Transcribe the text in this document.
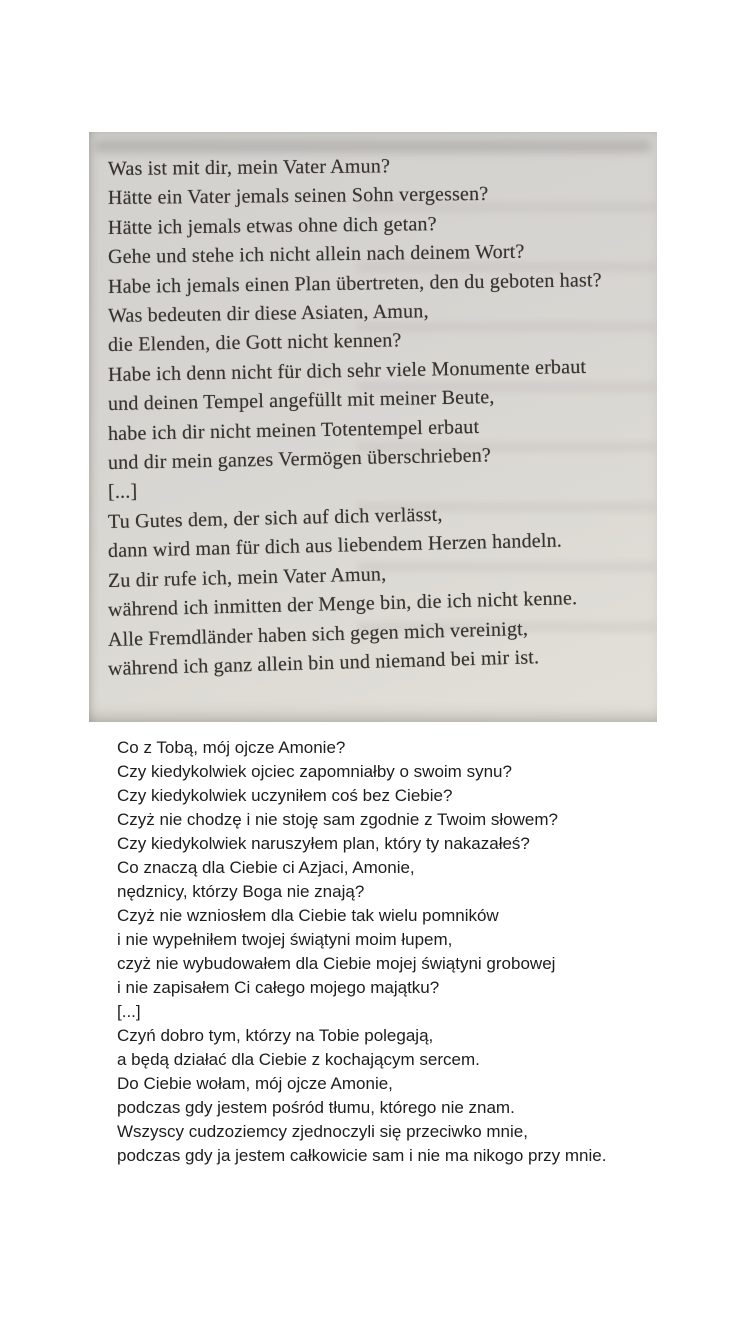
Was ist mit dir, mein Vater Amun?
Hätte ein Vater jemals seinen Sohn vergessen?
Hätte ich jemals etwas ohne dich getan?
Gehe und stehe ich nicht allein nach deinem Wort?
Habe ich jemals einen Plan übertreten, den du geboten hast?
Was bedeuten dir diese Asiaten, Amun,
die Elenden, die Gott nicht kennen?
Habe ich denn nicht für dich sehr viele Monumente erbaut
und deinen Tempel angefüllt mit meiner Beute,
habe ich dir nicht meinen Totentempel erbaut
und dir mein ganzes Vermögen überschrieben?
[...]
Tu Gutes dem, der sich auf dich verlässt,
dann wird man für dich aus liebendem Herzen handeln.
Zu dir rufe ich, mein Vater Amun,
während ich inmitten der Menge bin, die ich nicht kenne.
Alle Fremdländer haben sich gegen mich vereinigt,
während ich ganz allein bin und niemand bei mir ist.
Co z Tobą, mój ojcze Amonie?
Czy kiedykolwiek ojciec zapomniałby o swoim synu?
Czy kiedykolwiek uczyniłem coś bez Ciebie?
Czyż nie chodzę i nie stoję sam zgodnie z Twoim słowem?
Czy kiedykolwiek naruszyłem plan, który ty nakazałeś?
Co znaczą dla Ciebie ci Azjaci, Amonie,
nędznicy, którzy Boga nie znają?
Czyż nie wzniosłem dla Ciebie tak wielu pomników
i nie wypełniłem twojej świątyni moim łupem,
czyż nie wybudowałem dla Ciebie mojej świątyni grobowej
i nie zapisałem Ci całego mojego majątku?
[...]
Czyń dobro tym, którzy na Tobie polegają,
a będą działać dla Ciebie z kochającym sercem.
Do Ciebie wołam, mój ojcze Amonie,
podczas gdy jestem pośród tłumu, którego nie znam.
Wszyscy cudzoziemcy zjednoczyli się przeciwko mnie,
podczas gdy ja jestem całkowicie sam i nie ma nikogo przy mnie.
